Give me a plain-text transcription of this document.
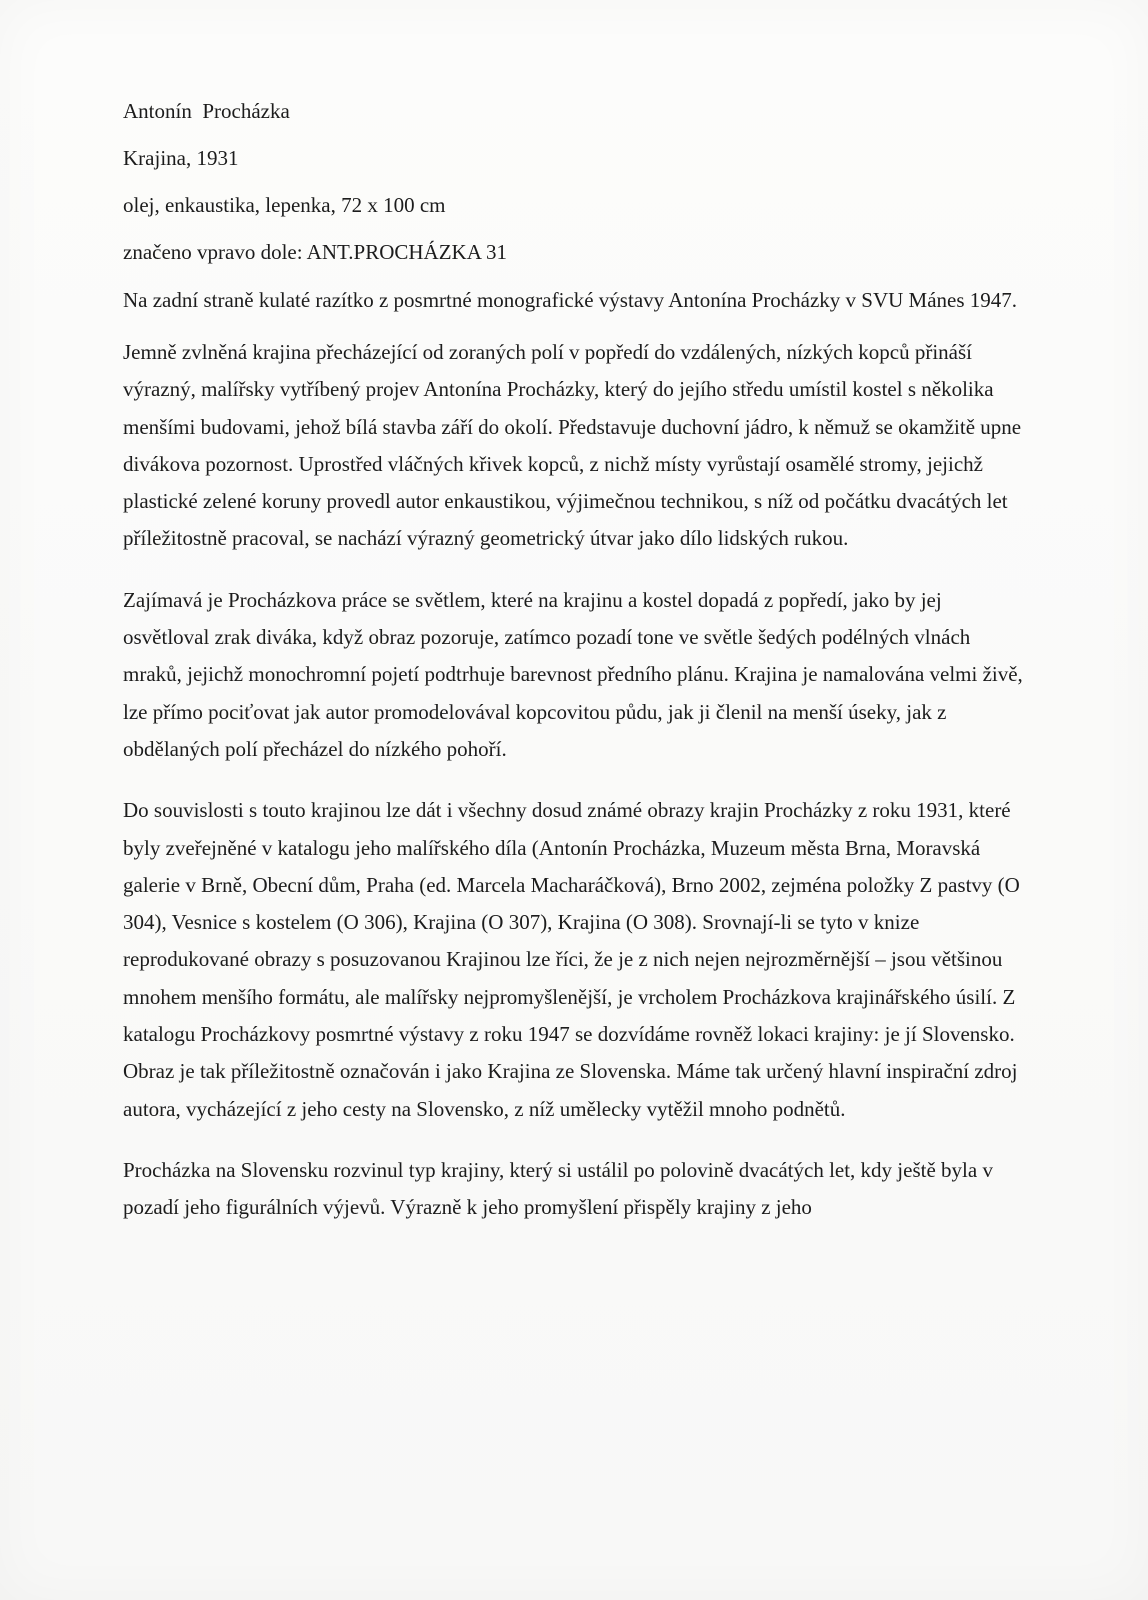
Antonín  Procházka

Krajina, 1931

olej, enkaustika, lepenka, 72 x 100 cm

značeno vpravo dole: ANT.PROCHÁZKA 31

Na zadní straně kulaté razítko z posmrtné monografické výstavy Antonína Procházky v SVU Mánes 1947.

Jemně zvlněná krajina přecházející od zoraných polí v popředí do vzdálených, nízkých kopců přináší výrazný, malířsky vytříbený projev Antonína Procházky, který do jejího středu umístil kostel s několika menšími budovami, jehož bílá stavba září do okolí. Představuje duchovní jádro, k němuž se okamžitě upne divákova pozornost. Uprostřed vláčných křivek kopců, z nichž místy vyrůstají osamělé stromy, jejichž plastické zelené koruny provedl autor enkaustikou, výjimečnou technikou, s níž od počátku dvacátých let příležitostně pracoval, se nachází výrazný geometrický útvar jako dílo lidských rukou.

Zajímavá je Procházkova práce se světlem, které na krajinu a kostel dopadá z popředí, jako by jej osvětloval zrak diváka, když obraz pozoruje, zatímco pozadí tone ve světle šedých podélných vlnách mraků, jejichž monochromní pojetí podtrhuje barevnost předního plánu. Krajina je namalována velmi živě, lze přímo pociťovat jak autor promodelovával kopcovitou půdu, jak ji členil na menší úseky, jak z obdělaných polí přecházel do nízkého pohoří.

Do souvislosti s touto krajinou lze dát i všechny dosud známé obrazy krajin Procházky z roku 1931, které byly zveřejněné v katalogu jeho malířského díla (Antonín Procházka, Muzeum města Brna, Moravská galerie v Brně, Obecní dům, Praha (ed. Marcela Macharáčková), Brno 2002, zejména položky Z pastvy (O 304), Vesnice s kostelem (O 306), Krajina (O 307), Krajina (O 308). Srovnají-li se tyto v knize reprodukované obrazy s posuzovanou Krajinou lze říci, že je z nich nejen nejrozměrnější – jsou většinou mnohem menšího formátu, ale malířsky nejpromyšlenější, je vrcholem Procházkova krajinářského úsilí. Z katalogu Procházkovy posmrtné výstavy z roku 1947 se dozvídáme rovněž lokaci krajiny: je jí Slovensko. Obraz je tak příležitostně označován i jako Krajina ze Slovenska. Máme tak určený hlavní inspirační zdroj autora, vycházející z jeho cesty na Slovensko, z níž umělecky vytěžil mnoho podnětů.

Procházka na Slovensku rozvinul typ krajiny, který si ustálil po polovině dvacátých let, kdy ještě byla v pozadí jeho figurálních výjevů. Výrazně k jeho promyšlení přispěly krajiny z jeho
